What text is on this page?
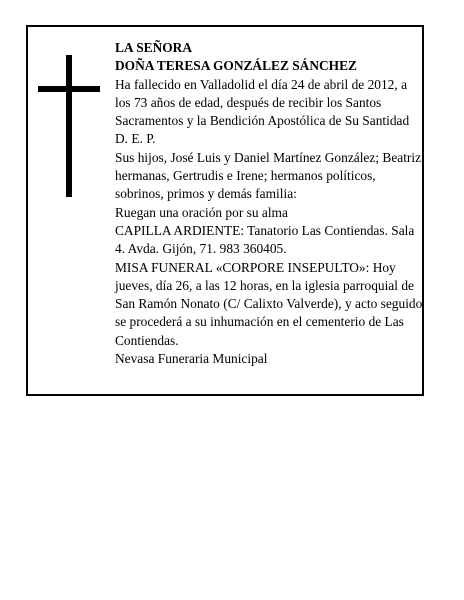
LA SEÑORA

DOÑA TERESA GONZÁLEZ SÁNCHEZ

Ha fallecido en Valladolid el día 24 de abril de 2012, a los 73 años de edad, después de recibir los Santos Sacramentos y la Bendición Apostólica de Su Santidad D. E. P.

Sus hijos, José Luis y Daniel Martínez González; Beatriz; hermanas, Gertrudis e Irene; hermanos políticos, sobrinos, primos y demás familia:

Ruegan una oración por su alma

CAPILLA ARDIENTE: Tanatorio Las Contiendas. Sala 4. Avda. Gijón, 71. 983 360405.

MISA FUNERAL «CORPORE INSEPULTO»: Hoy jueves, día 26, a las 12 horas, en la iglesia parroquial de San Ramón Nonato (C/ Calixto Valverde), y acto seguido se procederá a su inhumación en el cementerio de Las Contiendas.

Nevasa Funeraria Municipal
